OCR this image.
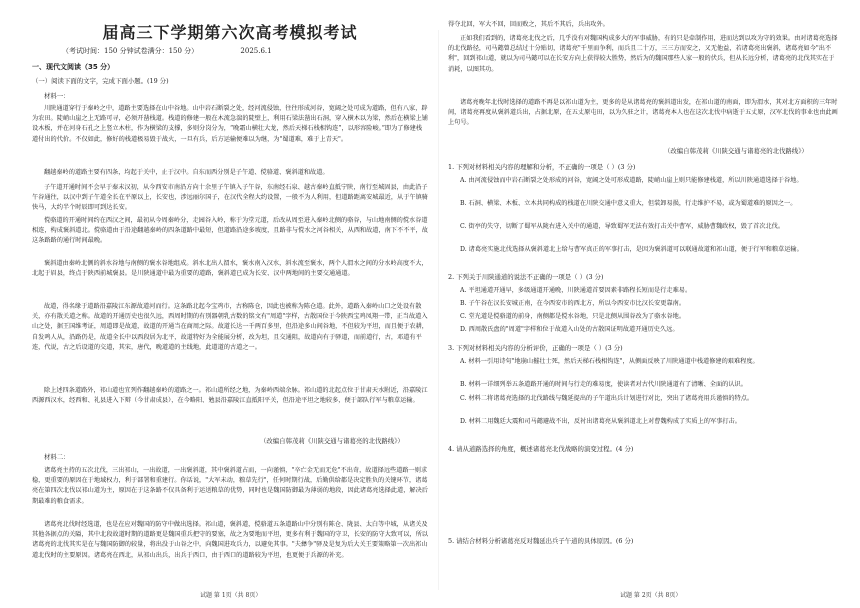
届高三下学期第六次高考模拟考试
（考试时间：150 分钟试卷满分：150 分）	2025.6.1
一、现代文阅读（35 分）
（一）阅读下面的文字，完成下面小题。(19 分)
材料一：
川陕通道穿行于秦岭之中，道路主要选择在山中谷地。山中岩石断裂之处，经河流侵蚀，往往形成河谷，宽阔之处可成为道路，但有八家，辟为农田。陡峭山崖之上无路可寻，必须开凿栈道。栈道的修建一般在木流急湍的陡壁上，利用石梁法凿出石洞，穿入横木以为梁，然后在横梁上铺设木板，并在河身石孔之上竖立木柱，作为横梁的支撑，多则分岗分为，“晚霜山横壮大龙，然后天梯石栈相钩连”，以形容险峻。”即为了修建栈道付出的代价。不仅如此，修好的栈道极易毁于战火，一旦有兵，后方运输便难以为继，为"蜀道难，难于上青天"。
翻越秦岭的道路主要有四条，均起于关中，止于汉中。自东而西分别是子午道、傥骆道、褒斜道和故道。
子午道开通时间不会早于秦末汉初，从今西安市南沿方向十余里子午镇入子午谷，东南经石泉、越古秦岭直抵宁陕，南行至城固县，由此沿子午谷通往，以汉中到子午道全长在平原以上，长安也，涉远丽尔国子，在汉代全程大约设置，一般不为人利用，但道路距离安城最近，从于午镇骑快马，大约半个时辰即可到达长安。
傥骆道的开通时间约在西汉之间，最初从今周秦岭分，走园谷入岭，称于为堂元道，后改从周至进入秦岭北侧的骆谷，与山地南侧的傥水谷道相连，构成褒斜道北。傥骆道由于沿途翻越秦岭的四条道路中最短，但道路沿途多坡度，且路非与傥水之河谷相关，从西和故道，南下不不平，故这条路路的通行时间最晚。
褒斜道由秦岭北侧的斜水谷地与南侧的褒水谷地组成。斜水北出人渭水，褒水南入汉水，斜水流至褒水，两个人渭水之间的分水岭高度不大，北起于眉县，终点于陕西前城褒县。是川陕通道中最为重要的道路，褒斜道已成为长安、汉中两地间的主要交通通道。
故道，得名缘于道路沿嘉陵江东源故道河而行。这条路北起今宝鸡市，古称陈仓，因此也被称为陈仓道。此外，道路入秦岭山口之处设有散关，亦有散关道之称。故道的开通历史也很久远，西周时期的有别器朝乳古数的铭文有"周道"字样，古散国位于今陕西宝鸡凤翔一带，正当故道入山之处，据王国维考证，周道即是故道，故道的开通当在商周之际。故道长达一千两百多里，但沿途多山间谷地，不但较为平坦，而且便于农耕，自发鸣人从，沿路仍是，故道全长中以西段居为北平，故道特好为全能展分析，改为坦，且交通阻，故道向有于驿道，而前道行，古，邓道有平连，代说，古之后设道的交道，其宋，唐代，晚道道的主线地，此道道的古道之一。
除上述四条道路外，祁山道也宜列作翻越秦岭的道路之一。祁山道所经之地，为秦岭西端余脉。祁山道的北起点位于甘肃天水附近，沿嘉陵江西源西汉水，经西和、礼县进入下辩（今甘肃成县），在今略阳、勉县沿嘉陵江直抵阳平关，但沿途平坦之地较多，便于部队行军与粮草运输。
（改编自韩茂莉《川陕交通与诸葛亮的北伐路线》）
材料二：
诸葛亮主持的五次北伐，三出祁山，一出故道，一出褒斜道，其中褒斜道占而，一向谨慎，"卒亡金无而无危"不出奇，故道择远些道路一则求稳，更重要的原因在于地域权力，利于部署和重建行。你话说，"大军未动，粮草先行"，任何时期行战，后勤供给都是决定胜负的关键环节，诸葛亮在第四次北伐以祁山道为主，原因在于这条路不仅具备利于运送粮草的优势，同时也是魏国防御最为薄弱的地段，因此诸葛亮选择此道，解决后期最难的粮食需求。
诸葛亮北伐时经选道，也是在应对魏国的防守中做出选择。祁山道，褒斜道，傥骆道五条道路山中分别有陈仓、陇县、太白等中城，从诸关及其他各据点的关隘，其中北段故道时期的道路更是魏国重兵把守的要塞，故之为要地而平坦，更多有利于魏国的守卫，长安的防守大致可以，所以诸葛亮的北伐其实是在与魏国防御的较量，将出没于山谷之中，向魏国进攻兵力，以避免其事。"夫彝争"驿及是复为后大关王要策略第一次出祁山道北伐时的主要原因。诸葛亮在西北，从祁山出兵，出兵于西口，由于西口的道路较为平坦，也更便于兵源的补充。
得夺北回，军大不回，回而败之，其后不其后，兵出攻外。
正如我们看到的，诸葛亮北伐之后，几乎没有对魏国构成多大的军事威胁，有的只是牵制作用，进而达到以攻为守的效果。由对诸葛亮选择的北伐路径，司马懿曾总结过十分贴切，诸葛亮"千里而争利，而兵且二十万，三三方而安之，又无他益，若诸葛亮出褒斜，诸葛亮如今"出不利"，回到祁山道，就以为司马懿可以在长安方向上获得较大胜势，然后为的魏国那些人家一般的伏兵，但从长远分析，诸葛亮的北伐其实在于消耗，以图其功。
诸葛亮晚年北伐时选择的道路不再是以祁山道为主，更多的是从诸葛亮的褒斜道出发，在祁山道的南面，即为渭水，其对北方面积的三年时间，诸葛亮再度从褒斜道兵出，占据北原，在五丈原屯田，以为久驻之计，诸葛亮本人也在这次北伐中病逝于五丈原，汉军北伐的事业也由此画上句号。
（改编自韩茂莉《川陕交通与诸葛亮的北伐路线》）
1. 下列对材料相关内容的理解和分析，不正确的一项是（ ）(3 分)
A. 由河流侵蚀而中岩石断裂之处形成的河谷，宽阔之处可形成道路，陡峭山崖上则只能修建栈道，所以川陕通道选择于谷地。
B. 石洞、横梁、木板、立木共同构成的栈道在川陕交通中意义重大，但装卸易损，行走维护不易，或为蜀道难的原因之一。
C. 街亭的失守，切断了蜀军从陇右进入关中的通道，导致蜀军无法有效打击关中曹军，威胁曹魏政权，毁了首次北伐。
D. 诸葛亮实施北伐选择从褒斜道北上给与曹军真正的军事打击，是因为褒斜道可以联通故道和祁山道，便于行军和粮草运输。
2. 下列关于川陕通道的说法不正确的一项是（ ）(3 分)
A. 平坦通道开通早，多级通道开通晚，川陕通道首要因素非路程长短而是行走难易。
B. 子午谷在汉长安城正南，在今西安市的西北方，所以今西安市比汉长安更靠南。
C. 堂光道是傥骆道的前身，南侧都是傥水谷地，只是北侧从围谷改为了骆水谷地。
D. 西周散氏盘的"周道"字样和位于故道入山处的古散国证明故道开通历史久远。
3. 下列对材料相关内容的分析评价，正确的一项是（ ）(3 分)
A. 材料一引用诗句"地崩山摧壮士死，然后天梯石栈相钩连"，从侧面反映了川陕通道中栈道修建的艰难程度。
B. 材料一详细列举五条道路开通的时间与行走的难易度，使读者对古代川陕通道有了清晰、全面的认识。
C. 材料二将诸葛亮选择的北伐路线与魏延提出的子午道出兵计划进行对比，突出了诸葛亮用兵谨慎的特点。
D. 材料二用魏廷大震和司马懿避战不出，反衬出诸葛亮从褒斜道北上对曹魏构成了实质上的军事打击。
4. 请从道路选择的角度，概述诸葛亮北伐战略的演变过程。(4 分)
5. 请结合材料分析诸葛亮反对魏延出兵子午道的具体原因。(6 分)
试题 第 1页（共 8页）	试题 第 2页（共 8页）
